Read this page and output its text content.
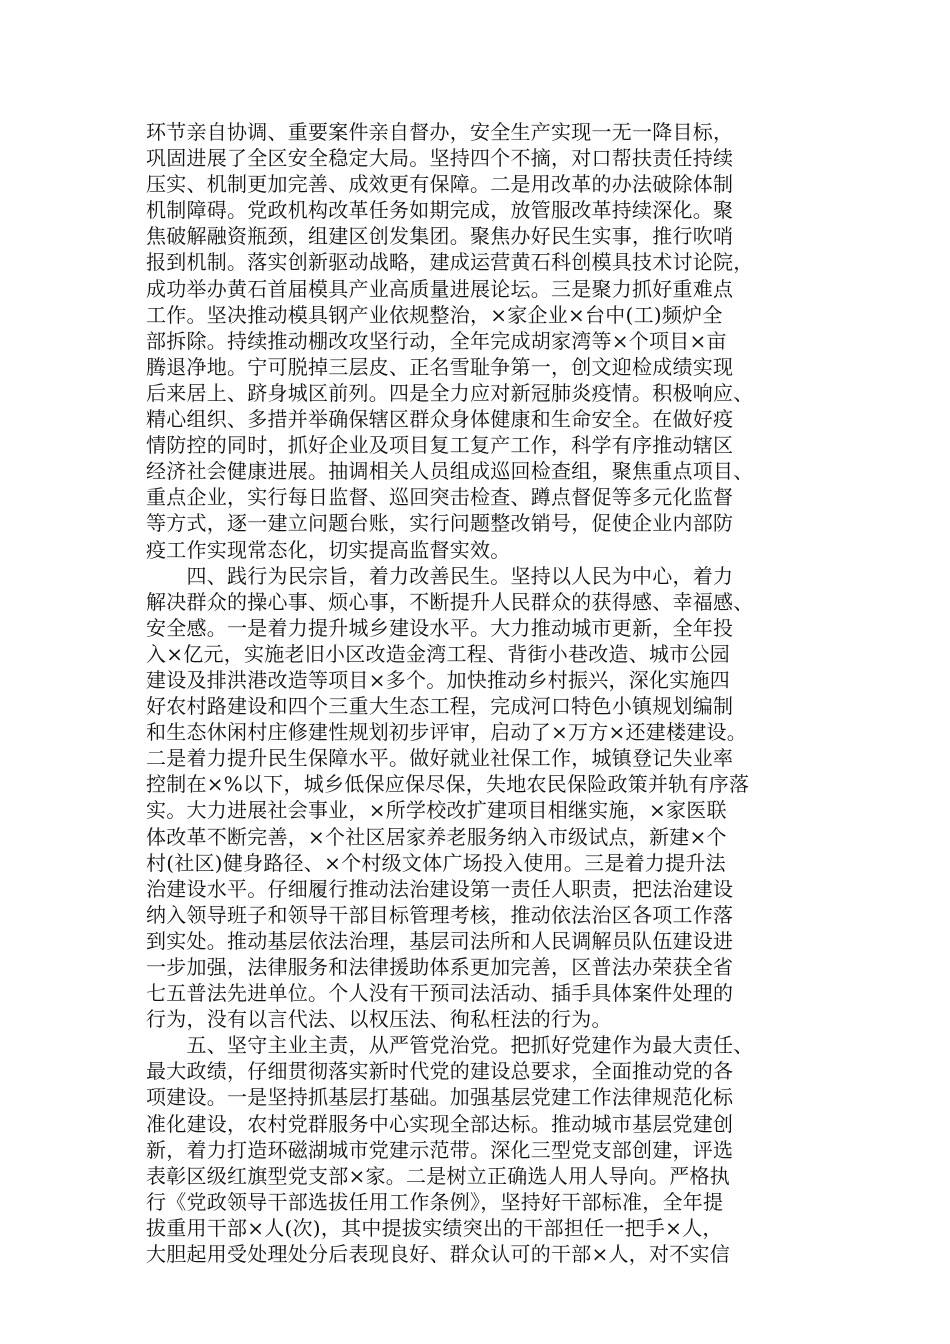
环节亲自协调、重要案件亲自督办，安全生产实现一无一降目标，
巩固进展了全区安全稳定大局。坚持四个不摘，对口帮扶责任持续
压实、机制更加完善、成效更有保障。二是用改革的办法破除体制
机制障碍。党政机构改革任务如期完成，放管服改革持续深化。聚
焦破解融资瓶颈，组建区创发集团。聚焦办好民生实事，推行吹哨
报到机制。落实创新驱动战略，建成运营黄石科创模具技术讨论院，
成功举办黄石首届模具产业高质量进展论坛。三是聚力抓好重难点
工作。坚决推动模具钢产业依规整治，×家企业×台中(工)频炉全
部拆除。持续推动棚改攻坚行动，全年完成胡家湾等×个项目×亩
腾退净地。宁可脱掉三层皮、正名雪耻争第一，创文迎检成绩实现
后来居上、跻身城区前列。四是全力应对新冠肺炎疫情。积极响应、
精心组织、多措并举确保辖区群众身体健康和生命安全。在做好疫
情防控的同时，抓好企业及项目复工复产工作，科学有序推动辖区
经济社会健康进展。抽调相关人员组成巡回检查组，聚焦重点项目、
重点企业，实行每日监督、巡回突击检查、蹲点督促等多元化监督
等方式，逐一建立问题台账，实行问题整改销号，促使企业内部防
疫工作实现常态化，切实提高监督实效。
　　四、践行为民宗旨，着力改善民生。坚持以人民为中心，着力
解决群众的操心事、烦心事，不断提升人民群众的获得感、幸福感、
安全感。一是着力提升城乡建设水平。大力推动城市更新，全年投
入×亿元，实施老旧小区改造金湾工程、背街小巷改造、城市公园
建设及排洪港改造等项目×多个。加快推动乡村振兴，深化实施四
好农村路建设和四个三重大生态工程，完成河口特色小镇规划编制
和生态休闲村庄修建性规划初步评审，启动了×万方×还建楼建设。
二是着力提升民生保障水平。做好就业社保工作，城镇登记失业率
控制在×%以下，城乡低保应保尽保，失地农民保险政策并轨有序落
实。大力进展社会事业，×所学校改扩建项目相继实施，×家医联
体改革不断完善，×个社区居家养老服务纳入市级试点，新建×个
村(社区)健身路径、×个村级文体广场投入使用。三是着力提升法
治建设水平。仔细履行推动法治建设第一责任人职责，把法治建设
纳入领导班子和领导干部目标管理考核，推动依法治区各项工作落
到实处。推动基层依法治理，基层司法所和人民调解员队伍建设进
一步加强，法律服务和法律援助体系更加完善，区普法办荣获全省
七五普法先进单位。个人没有干预司法活动、插手具体案件处理的
行为，没有以言代法、以权压法、徇私枉法的行为。
　　五、坚守主业主责，从严管党治党。把抓好党建作为最大责任、
最大政绩，仔细贯彻落实新时代党的建设总要求，全面推动党的各
项建设。一是坚持抓基层打基础。加强基层党建工作法律规范化标
准化建设，农村党群服务中心实现全部达标。推动城市基层党建创
新，着力打造环磁湖城市党建示范带。深化三型党支部创建，评选
表彰区级红旗型党支部×家。二是树立正确选人用人导向。严格执
行《党政领导干部选拔任用工作条例》，坚持好干部标准，全年提
拔重用干部×人(次)，其中提拔实绩突出的干部担任一把手×人，
大胆起用受处理处分后表现良好、群众认可的干部×人，对不实信
